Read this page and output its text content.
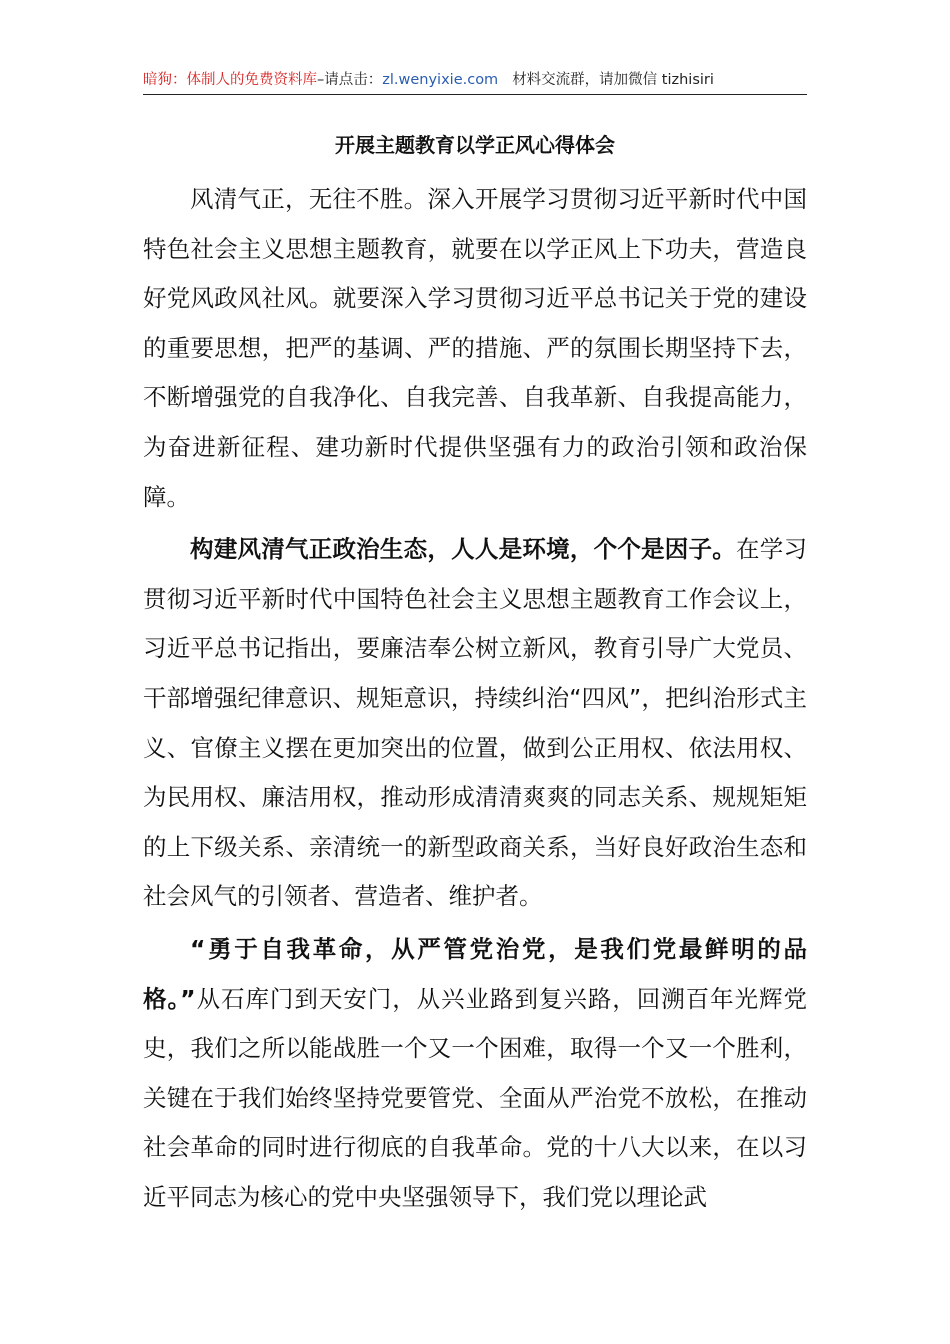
暗狗：体制人的免费资料库–请点击：zl.wenyixie.com 材料交流群，请加微信 tizhisiri
开展主题教育以学正风心得体会

风清气正，无往不胜。深入开展学习贯彻习近平新时代中国特色社会主义思想主题教育，就要在以学正风上下功夫，营造良好党风政风社风。就要深入学习贯彻习近平总书记关于党的建设的重要思想，把严的基调、严的措施、严的氛围长期坚持下去，不断增强党的自我净化、自我完善、自我革新、自我提高能力，为奋进新征程、建功新时代提供坚强有力的政治引领和政治保障。

构建风清气正政治生态，人人是环境，个个是因子。在学习贯彻习近平新时代中国特色社会主义思想主题教育工作会议上，习近平总书记指出，要廉洁奉公树立新风，教育引导广大党员、干部增强纪律意识、规矩意识，持续纠治“四风”，把纠治形式主义、官僚主义摆在更加突出的位置，做到公正用权、依法用权、为民用权、廉洁用权，推动形成清清爽爽的同志关系、规规矩矩的上下级关系、亲清统一的新型政商关系，当好良好政治生态和社会风气的引领者、营造者、维护者。

“勇于自我革命，从严管党治党，是我们党最鲜明的品格。”从石库门到天安门，从兴业路到复兴路，回溯百年光辉党史，我们之所以能战胜一个又一个困难，取得一个又一个胜利，关键在于我们始终坚持党要管党、全面从严治党不放松，在推动社会革命的同时进行彻底的自我革命。党的十八大以来，在以习近平同志为核心的党中央坚强领导下，我们党以理论武
